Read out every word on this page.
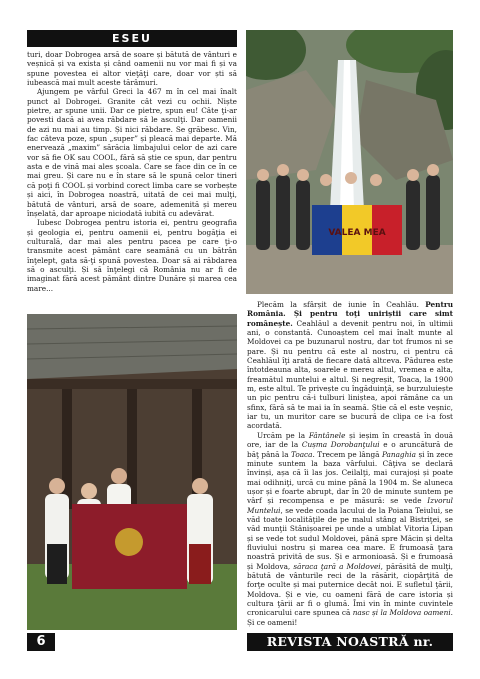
ESEU

turi, doar Dobrogea arsă de soare și bătută de vânturi e veșnică și va exista și când oamenii nu vor mai fi și va spune povestea ei altor vieţăţi care, doar vor ști să iubească mai mult aceste tărâmuri.

Ajungem pe vârful Greci la 467 m în cel mai înalt punct al Dobrogei. Granite cât vezi cu ochii. Niște pietre, ar spune unii. Dar ce pietre, spun eu! Câte ţi-ar povesti dacă ai avea răbdare să le asculţi. Dar oamenii de azi nu mai au timp. Și nici răbdare. Se grăbesc. Vin, fac câteva poze, spun „super” și pleacă mai departe. Mă enervează „maxim” sărăcia limbajului celor de azi care vor să fie OK sau COOL, fără să știe ce spun, dar pentru asta e de vină mai ales școala. Care se face din ce în ce mai greu. Și care nu e în stare să le spună celor tineri că poţi fi COOL și vorbind corect limba care se vorbește și aici, în Dobrogea noastră, uitată de cei mai mulţi, bătută de vânturi, arsă de soare, ademenită și mereu înșelată, dar aproape niciodată iubită cu adevărat.

Iubesc Dobrogea pentru istoria ei, pentru geografia și geologia ei, pentru oamenii ei, pentru bogăţia ei culturală, dar mai ales pentru pacea pe care ţi-o transmite acest pământ care seamănă cu un bătrân înţelept, gata să-ţi spună povestea. Doar să ai răbdarea să o asculţi. Și să înţelegi că România nu ar fi de imaginat fără acest pământ dintre Dunăre și marea cea mare...

VALEA MEA

Plecăm la sfârșit de iunie în Ceahlău. Pentru România. Și pentru toţi uniriștii care simt românește. Ceahlăul a devenit pentru noi, în ultimii ani, o constantă. Cunoaștem cel mai înalt munte al Moldovei ca pe buzunarul nostru, dar tot frumos ni se pare. Și nu pentru că este al nostru, ci pentru că Ceahlăul îţi arată de fiecare dată altceva. Pădurea este întotdeauna alta, soarele e mereu altul, vremea e alta, freamătul muntelui e altul. Și negreșit, Toaca, la 1900 m, este altul. Te privește cu îngăduinţă, se burzuluiește un pic pentru că-i tulburi liniștea, apoi rămâne ca un sfinx, fără să te mai ia în seamă. Știe că el este veșnic, iar tu, un muritor care se bucură de clipa ce i-a fost acordată.

Urcăm pe la Fântânele și ieșim în creastă în două ore, iar de la Cușma Dorobanţului e o aruncătură de băţ până la Toaca. Trecem pe lângă Panaghia și în zece minute suntem la baza vârfului. Câţiva se declară învinși, așa că îi las jos. Ceilalţi, mai curajoși și poate mai odihniţi, urcă cu mine până la 1904 m. Se aluneca ușor și e foarte abrupt, dar în 20 de minute suntem pe vârf și recompensa e pe măsură: se vede Izvorul Muntelui, se vede coada lacului de la Poiana Teiului, se văd toate localităţile de pe malul stâng al Bistriţei, se văd munţii Stânișoarei pe unde a umblat Vitoria Lipan și se vede tot sudul Moldovei, până spre Măcin și delta fluviului nostru și marea cea mare. E frumoasă ţara noastră privită de sus. Și e armonioasă. Și e frumoasă și Moldova, săraca ţară a Moldovei, părăsită de mulţi, bătută de vânturile reci de la răsărit, ciopârţită de forţe oculte și mai puternice decât noi. E sufletul ţării, Moldova. Și e vie, cu oameni fără de care istoria și cultura ţării ar fi o glumă. Îmi vin în minte cuvintele cronicarului care spunea că nasc și la Moldova oameni. Și ce oameni!

6	REVISTA NOASTRĂ nr. 49/50
